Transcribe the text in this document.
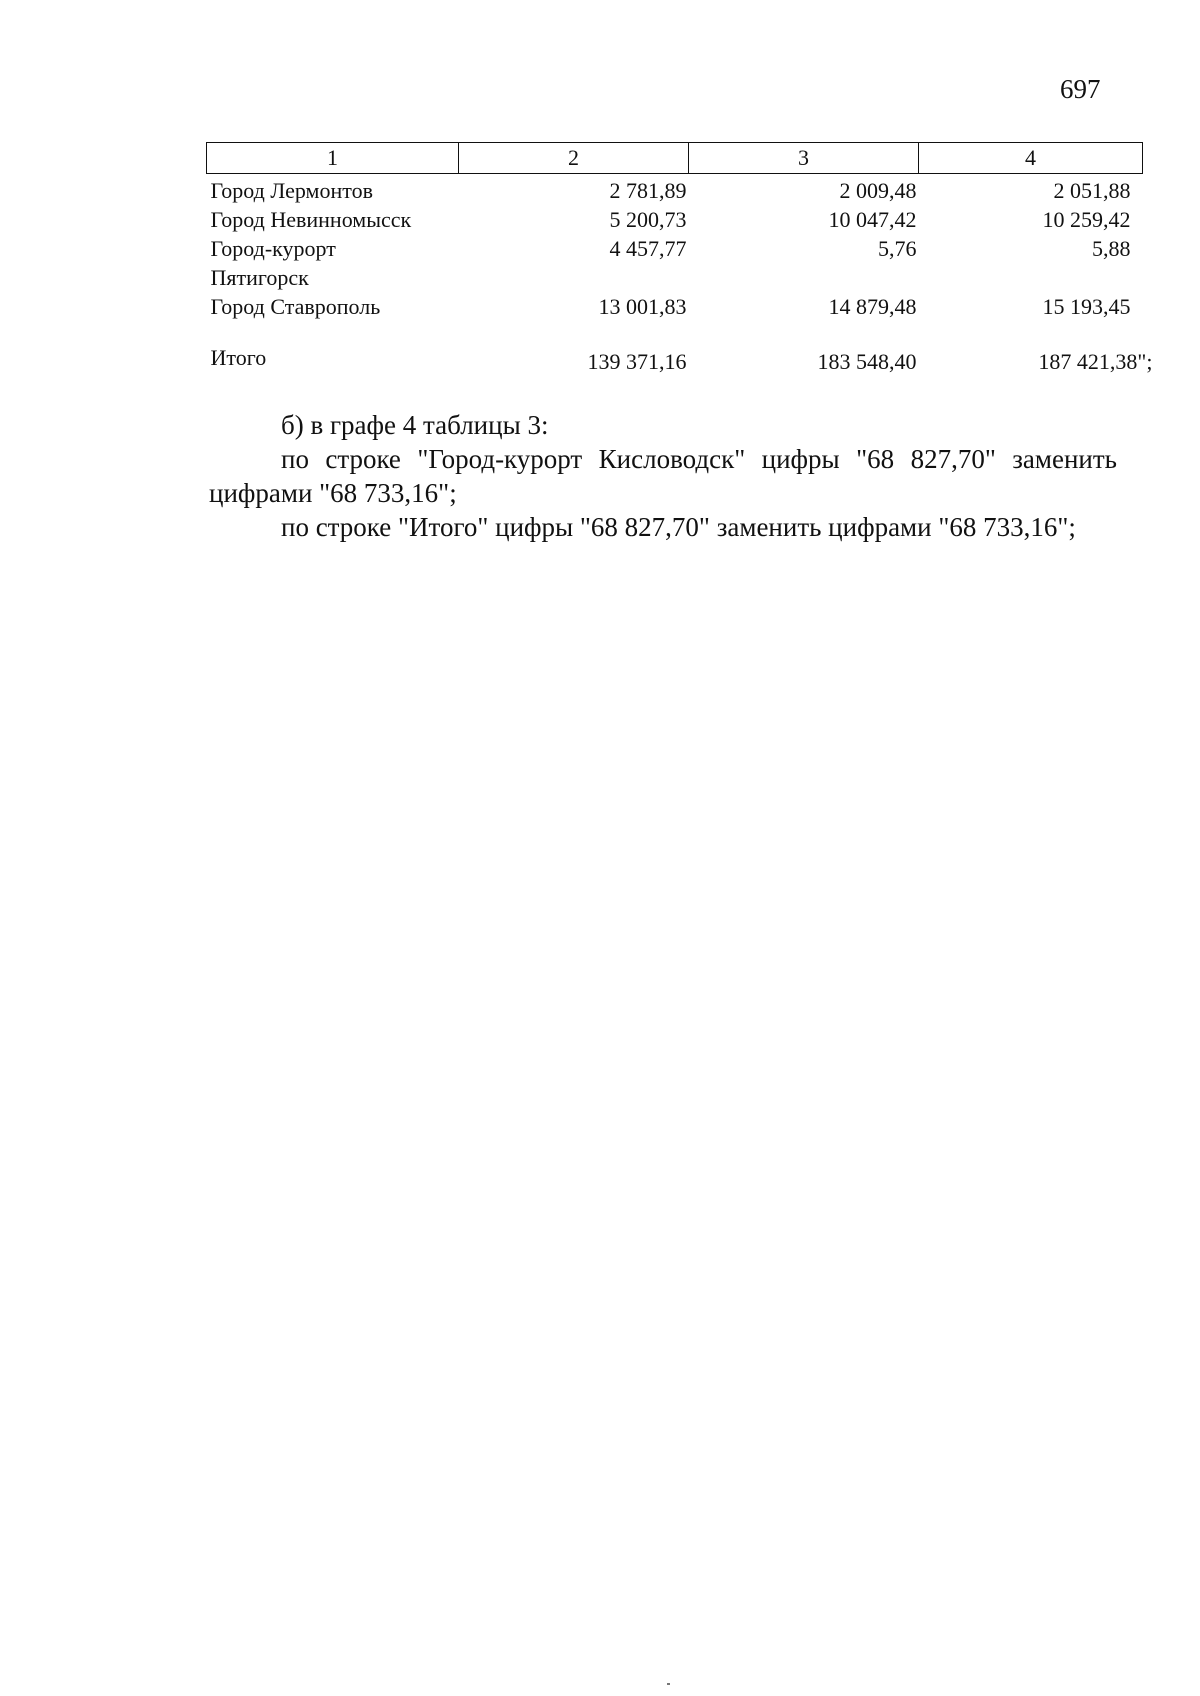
697
1	2	3	4
Город Лермонтов	2 781,89	2 009,48	2 051,88
Город Невинномысск	5 200,73	10 047,42	10 259,42
Город-курорт
Пятигорск	4 457,77	5,76	5,88
Город Ставрополь	13 001,83	14 879,48	15 193,45
Итого	139 371,16	183 548,40	187 421,38";

б) в графе 4 таблицы 3:

по строке "Город-курорт Кисловодск" цифры "68 827,70" заменить цифрами "68 733,16";

по строке "Итого" цифры "68 827,70" заменить цифрами "68 733,16";
